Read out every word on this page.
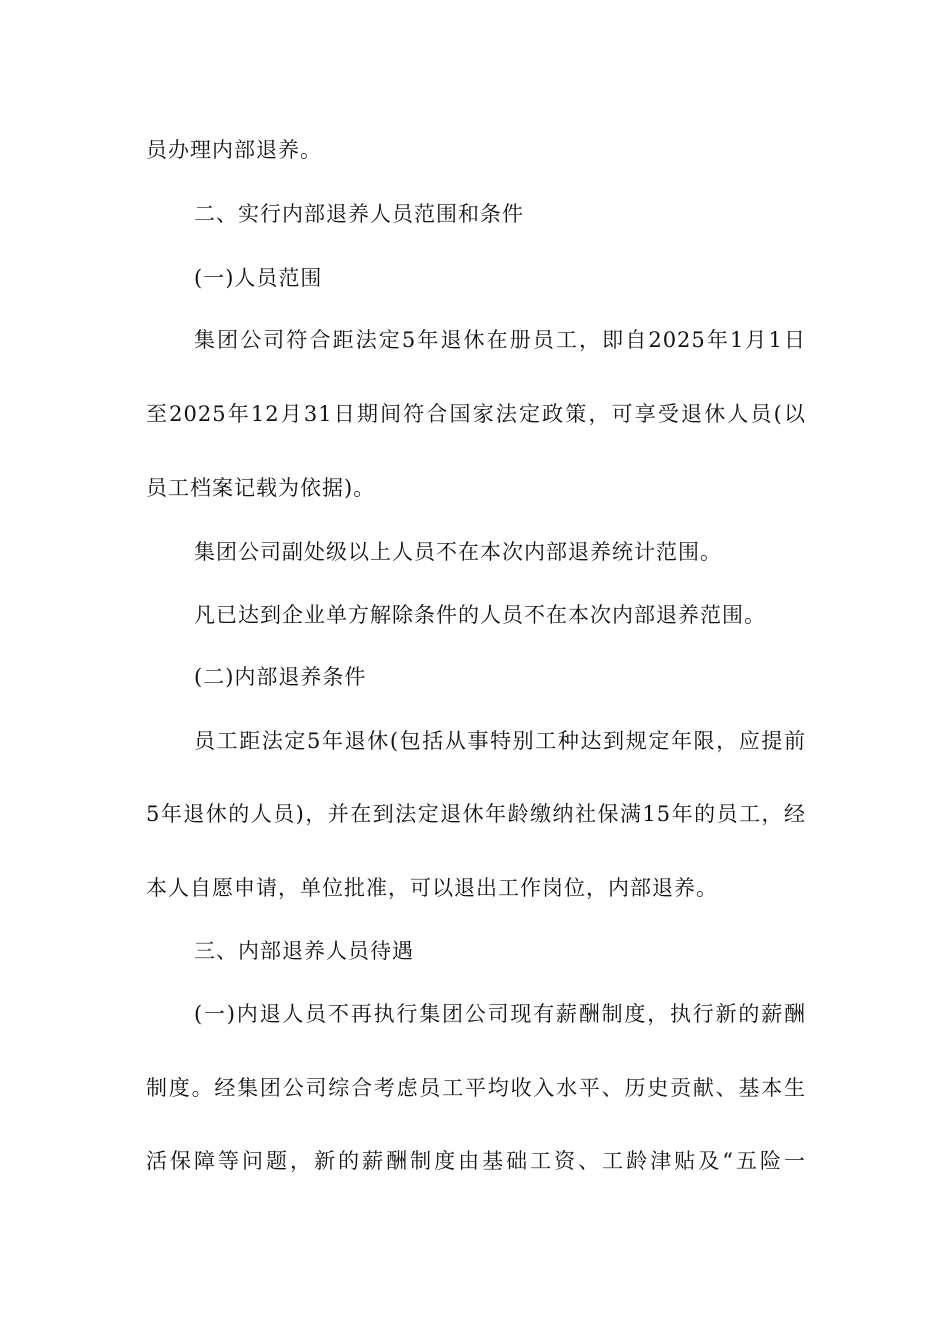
员办理内部退养。
二、实行内部退养人员范围和条件
(一)人员范围
集团公司符合距法定5年退休在册员工，即自2025年1月1日
至2025年12月31日期间符合国家法定政策，可享受退休人员(以
员工档案记载为依据)。
集团公司副处级以上人员不在本次内部退养统计范围。
凡已达到企业单方解除条件的人员不在本次内部退养范围。
(二)内部退养条件
员工距法定5年退休(包括从事特别工种达到规定年限，应提前
5年退休的人员)，并在到法定退休年龄缴纳社保满15年的员工，经
本人自愿申请，单位批准，可以退出工作岗位，内部退养。
三、内部退养人员待遇
(一)内退人员不再执行集团公司现有薪酬制度，执行新的薪酬
制度。经集团公司综合考虑员工平均收入水平、历史贡献、基本生
活保障等问题，新的薪酬制度由基础工资、工龄津贴及“五险一
